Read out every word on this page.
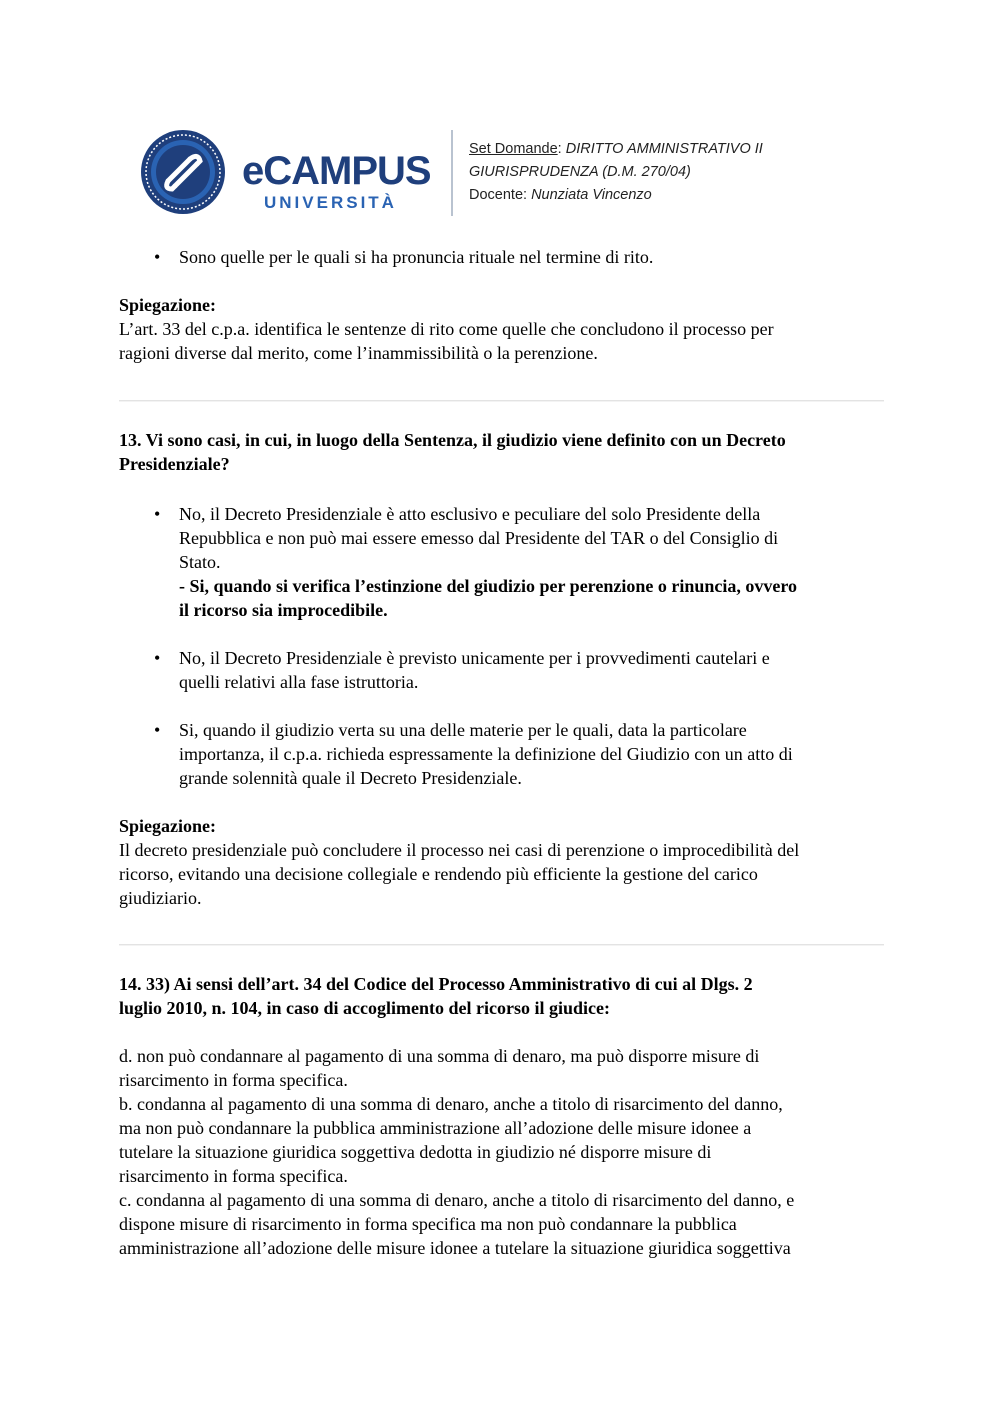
eCAMPUS
UNIVERSITÀ
Set Domande: DIRITTO AMMINISTRATIVO II
GIURISPRUDENZA (D.M. 270/04)
Docente: Nunziata Vincenzo
• Sono quelle per le quali si ha pronuncia rituale nel termine di rito.

Spiegazione:

L’art. 33 del c.p.a. identifica le sentenze di rito come quelle che concludono il processo per

ragioni diverse dal merito, come l’inammissibilità o la perenzione.

13. Vi sono casi, in cui, in luogo della Sentenza, il giudizio viene definito con un Decreto

Presidenziale?

• No, il Decreto Presidenziale è atto esclusivo e peculiare del solo Presidente della

Repubblica e non può mai essere emesso dal Presidente del TAR o del Consiglio di

Stato.

- Si, quando si verifica l’estinzione del giudizio per perenzione o rinuncia, ovvero

il ricorso sia improcedibile.

• No, il Decreto Presidenziale è previsto unicamente per i provvedimenti cautelari e

quelli relativi alla fase istruttoria.

• Si, quando il giudizio verta su una delle materie per le quali, data la particolare

importanza, il c.p.a. richieda espressamente la definizione del Giudizio con un atto di

grande solennità quale il Decreto Presidenziale.

Spiegazione:

Il decreto presidenziale può concludere il processo nei casi di perenzione o improcedibilità del

ricorso, evitando una decisione collegiale e rendendo più efficiente la gestione del carico

giudiziario.

14. 33) Ai sensi dell’art. 34 del Codice del Processo Amministrativo di cui al Dlgs. 2

luglio 2010, n. 104, in caso di accoglimento del ricorso il giudice:

d. non può condannare al pagamento di una somma di denaro, ma può disporre misure di

risarcimento in forma specifica.

b. condanna al pagamento di una somma di denaro, anche a titolo di risarcimento del danno,

ma non può condannare la pubblica amministrazione all’adozione delle misure idonee a

tutelare la situazione giuridica soggettiva dedotta in giudizio né disporre misure di

risarcimento in forma specifica.

c. condanna al pagamento di una somma di denaro, anche a titolo di risarcimento del danno, e

dispone misure di risarcimento in forma specifica ma non può condannare la pubblica

amministrazione all’adozione delle misure idonee a tutelare la situazione giuridica soggettiva
